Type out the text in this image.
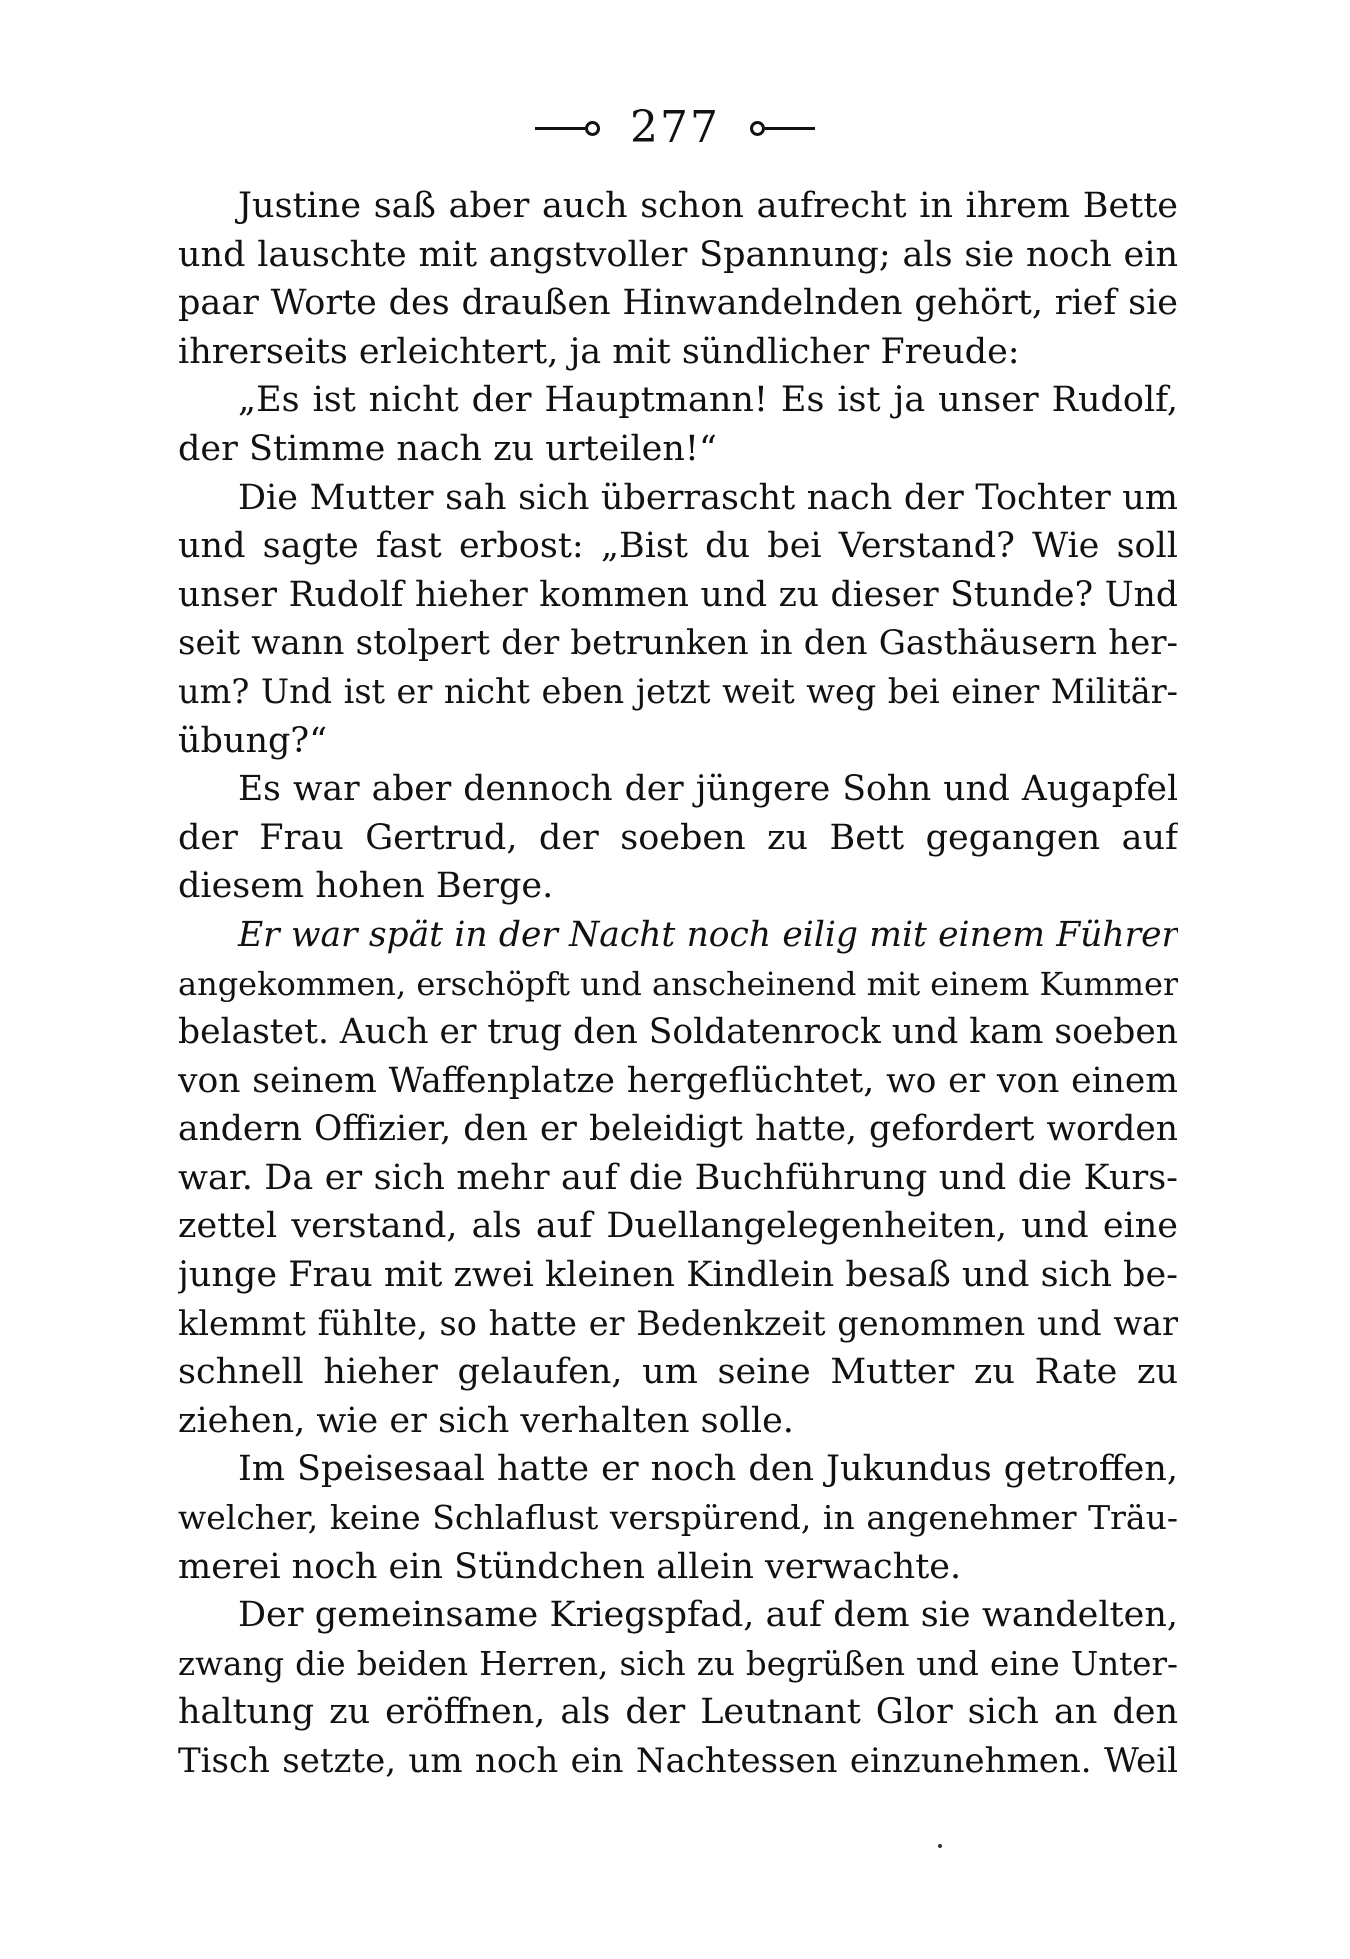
277
Justine saß aber auch schon aufrecht in ihrem Bette
und lauschte mit angstvoller Spannung; als sie noch ein
paar Worte des draußen Hinwandelnden gehört, rief sie
ihrerseits erleichtert, ja mit sündlicher Freude:
„Es ist nicht der Hauptmann! Es ist ja unser Rudolf,
der Stimme nach zu urteilen!“
Die Mutter sah sich überrascht nach der Tochter um
und sagte fast erbost: „Bist du bei Verstand? Wie soll
unser Rudolf hieher kommen und zu dieser Stunde? Und
seit wann stolpert der betrunken in den Gasthäusern her-
um? Und ist er nicht eben jetzt weit weg bei einer Militär-
übung?“
Es war aber dennoch der jüngere Sohn und Augapfel
der Frau Gertrud, der soeben zu Bett gegangen auf
diesem hohen Berge.
Er war spät in der Nacht noch eilig mit einem Führer
angekommen, erschöpft und anscheinend mit einem Kummer
belastet. Auch er trug den Soldatenrock und kam soeben
von seinem Waffenplatze hergeflüchtet, wo er von einem
andern Offizier, den er beleidigt hatte, gefordert worden
war. Da er sich mehr auf die Buchführung und die Kurs-
zettel verstand, als auf Duellangelegenheiten, und eine
junge Frau mit zwei kleinen Kindlein besaß und sich be-
klemmt fühlte, so hatte er Bedenkzeit genommen und war
schnell hieher gelaufen, um seine Mutter zu Rate zu
ziehen, wie er sich verhalten solle.
Im Speisesaal hatte er noch den Jukundus getroffen,
welcher, keine Schlaflust verspürend, in angenehmer Träu-
merei noch ein Stündchen allein verwachte.
Der gemeinsame Kriegspfad, auf dem sie wandelten,
zwang die beiden Herren, sich zu begrüßen und eine Unter-
haltung zu eröffnen, als der Leutnant Glor sich an den
Tisch setzte, um noch ein Nachtessen einzunehmen. Weil
